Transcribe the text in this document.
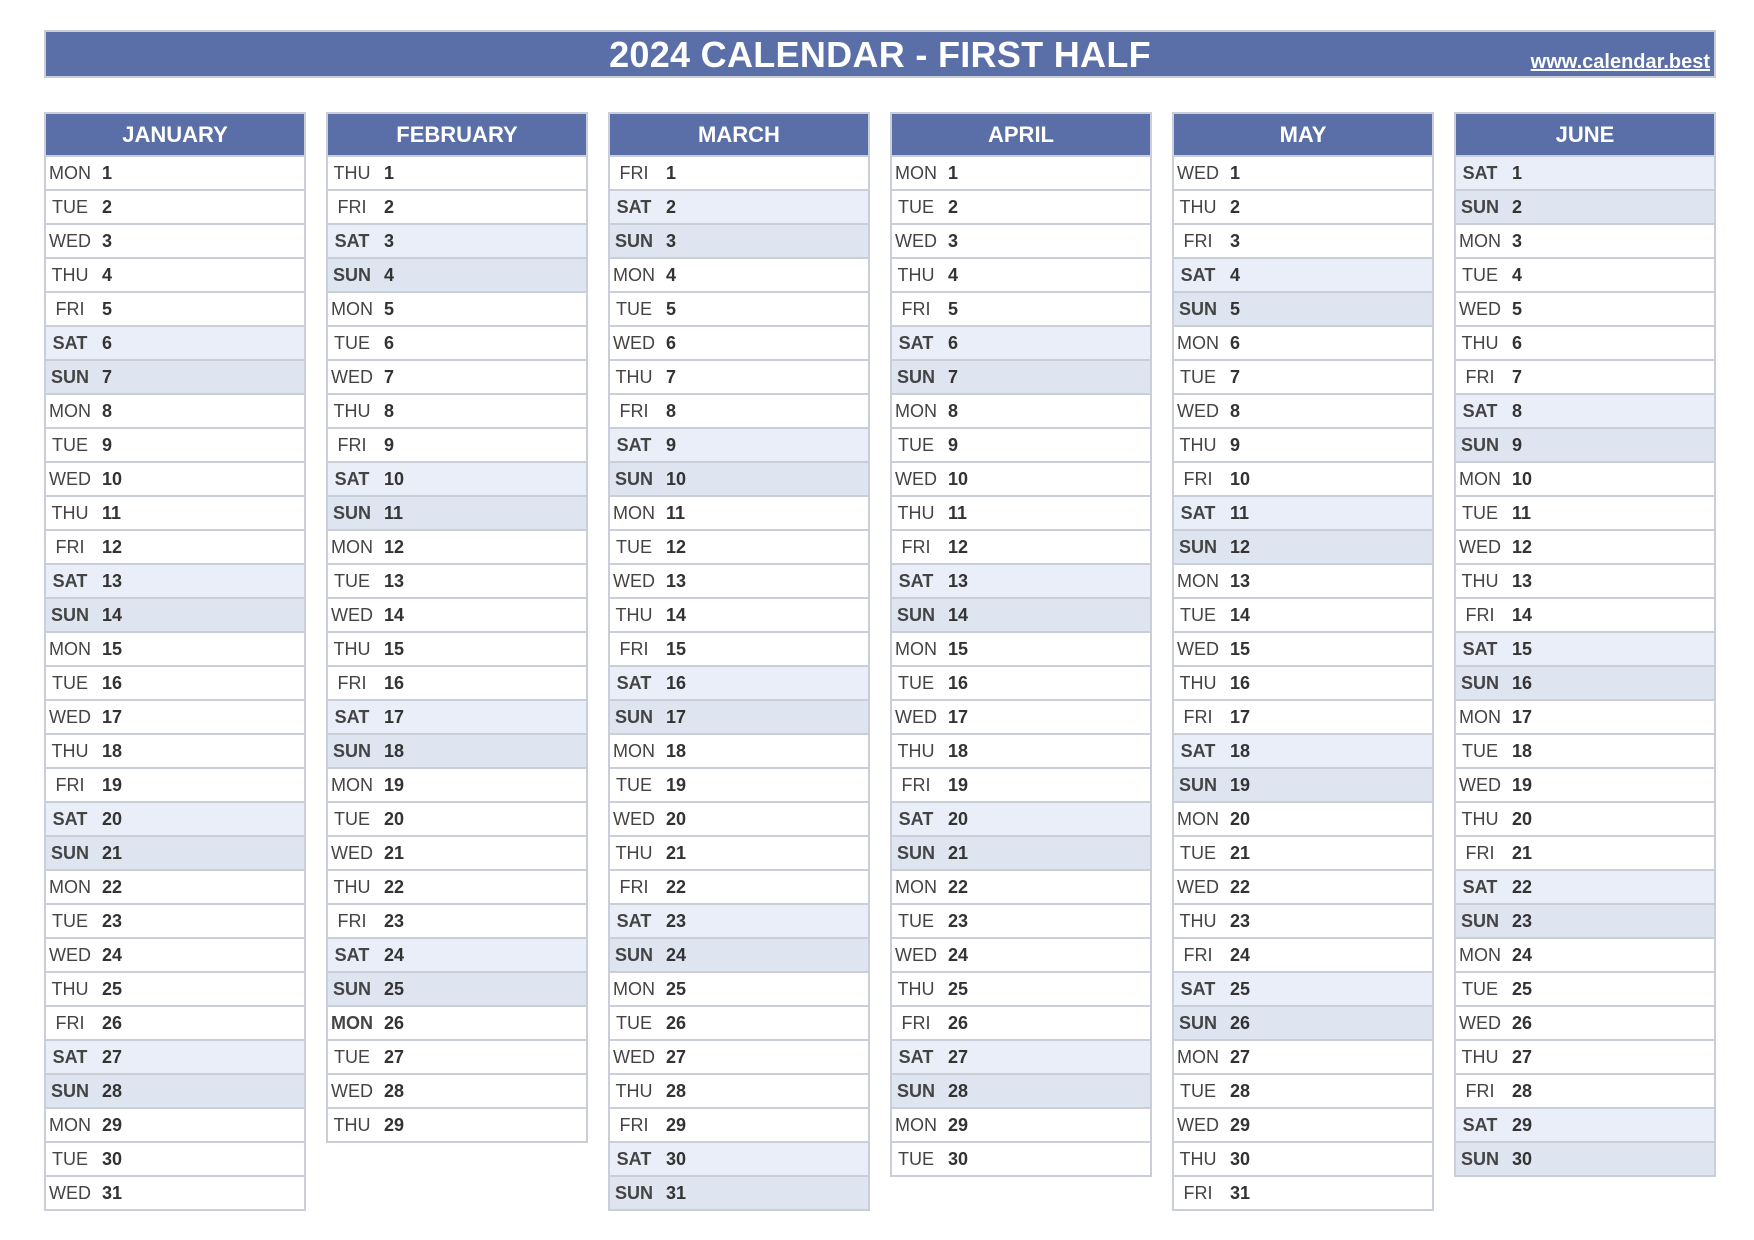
2024 CALENDAR - FIRST HALF	www.calendar.best
JANUARY
MON 1
TUE 2
WED 3
THU 4
FRI 5
SAT 6
SUN 7
MON 8
TUE 9
WED 10
THU 11
FRI 12
SAT 13
SUN 14
MON 15
TUE 16
WED 17
THU 18
FRI 19
SAT 20
SUN 21
MON 22
TUE 23
WED 24
THU 25
FRI 26
SAT 27
SUN 28
MON 29
TUE 30
WED 31
FEBRUARY
THU 1
FRI 2
SAT 3
SUN 4
MON 5
TUE 6
WED 7
THU 8
FRI 9
SAT 10
SUN 11
MON 12
TUE 13
WED 14
THU 15
FRI 16
SAT 17
SUN 18
MON 19
TUE 20
WED 21
THU 22
FRI 23
SAT 24
SUN 25
MON 26
TUE 27
WED 28
THU 29
MARCH
FRI 1
SAT 2
SUN 3
MON 4
TUE 5
WED 6
THU 7
FRI 8
SAT 9
SUN 10
MON 11
TUE 12
WED 13
THU 14
FRI 15
SAT 16
SUN 17
MON 18
TUE 19
WED 20
THU 21
FRI 22
SAT 23
SUN 24
MON 25
TUE 26
WED 27
THU 28
FRI 29
SAT 30
SUN 31
APRIL
MON 1
TUE 2
WED 3
THU 4
FRI 5
SAT 6
SUN 7
MON 8
TUE 9
WED 10
THU 11
FRI 12
SAT 13
SUN 14
MON 15
TUE 16
WED 17
THU 18
FRI 19
SAT 20
SUN 21
MON 22
TUE 23
WED 24
THU 25
FRI 26
SAT 27
SUN 28
MON 29
TUE 30
MAY
WED 1
THU 2
FRI 3
SAT 4
SUN 5
MON 6
TUE 7
WED 8
THU 9
FRI 10
SAT 11
SUN 12
MON 13
TUE 14
WED 15
THU 16
FRI 17
SAT 18
SUN 19
MON 20
TUE 21
WED 22
THU 23
FRI 24
SAT 25
SUN 26
MON 27
TUE 28
WED 29
THU 30
FRI 31
JUNE
SAT 1
SUN 2
MON 3
TUE 4
WED 5
THU 6
FRI 7
SAT 8
SUN 9
MON 10
TUE 11
WED 12
THU 13
FRI 14
SAT 15
SUN 16
MON 17
TUE 18
WED 19
THU 20
FRI 21
SAT 22
SUN 23
MON 24
TUE 25
WED 26
THU 27
FRI 28
SAT 29
SUN 30
